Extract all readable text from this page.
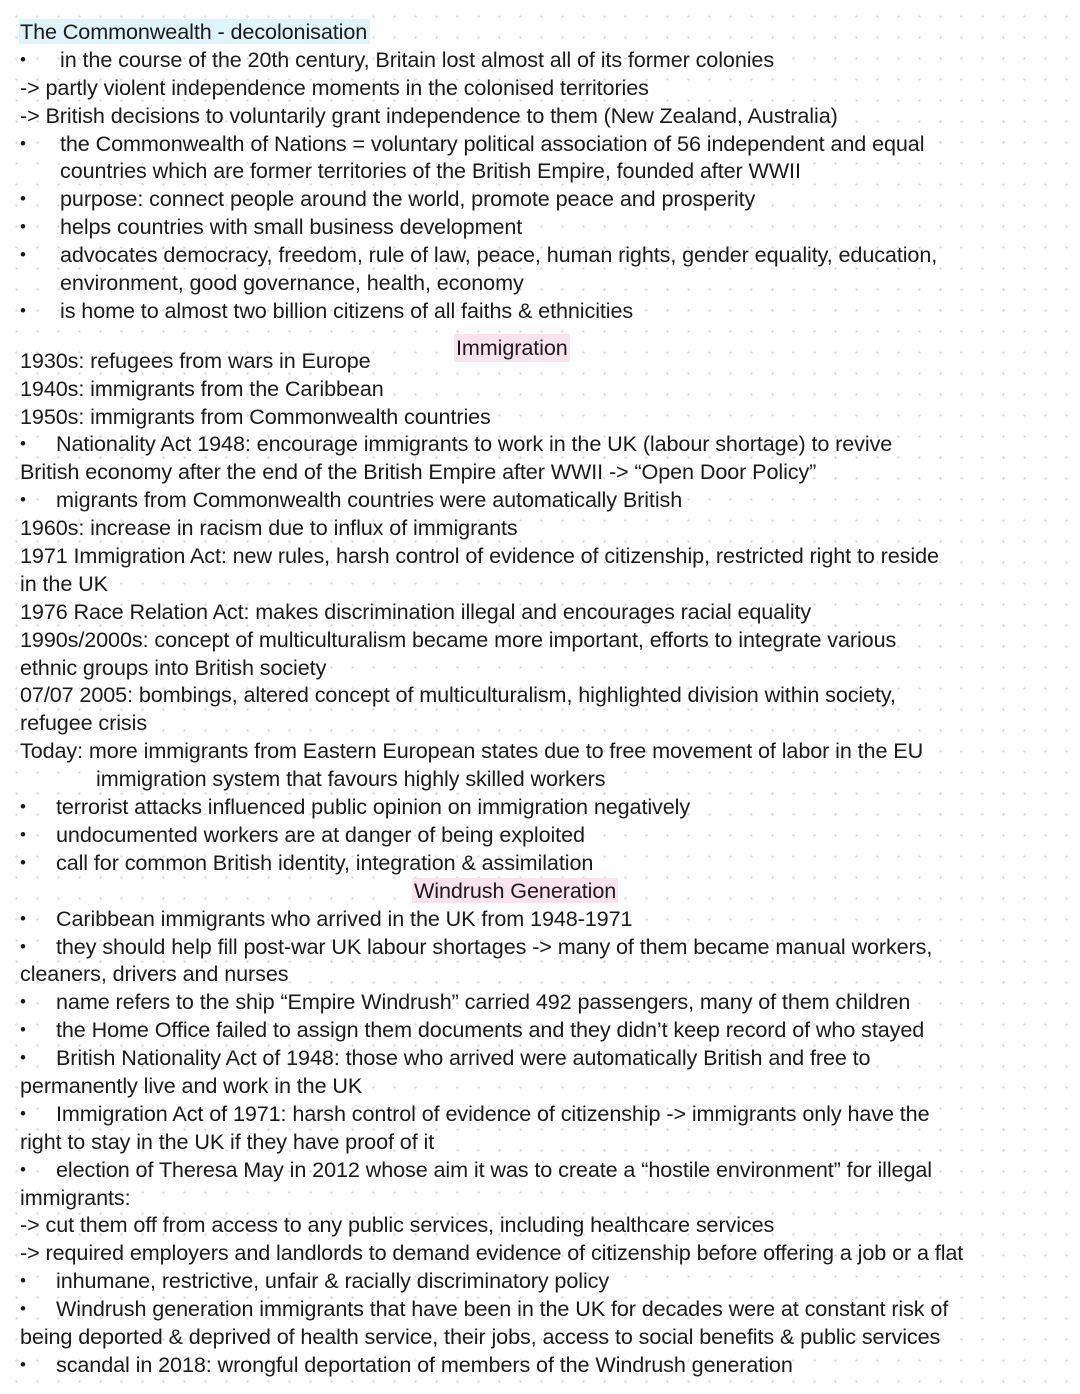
The Commonwealth - decolonisation
• in the course of the 20th century, Britain lost almost all of its former colonies
-> partly violent independence moments in the colonised territories
-> British decisions to voluntarily grant independence to them (New Zealand, Australia)
• the Commonwealth of Nations = voluntary political association of 56 independent and equal
countries which are former territories of the British Empire, founded after WWII
• purpose: connect people around the world, promote peace and prosperity
• helps countries with small business development
• advocates democracy, freedom, rule of law, peace, human rights, gender equality, education,
environment, good governance, health, economy
• is home to almost two billion citizens of all faiths & ethnicities
1930s: refugees from wars in Europe
Immigration
1940s: immigrants from the Caribbean
1950s: immigrants from Commonwealth countries
• Nationality Act 1948: encourage immigrants to work in the UK (labour shortage) to revive
British economy after the end of the British Empire after WWII -> “Open Door Policy”
• migrants from Commonwealth countries were automatically British
1960s: increase in racism due to influx of immigrants
1971 Immigration Act: new rules, harsh control of evidence of citizenship, restricted right to reside
in the UK
1976 Race Relation Act: makes discrimination illegal and encourages racial equality
1990s/2000s: concept of multiculturalism became more important, efforts to integrate various
ethnic groups into British society
07/07 2005: bombings, altered concept of multiculturalism, highlighted division within society,
refugee crisis
Today: more immigrants from Eastern European states due to free movement of labor in the EU
immigration system that favours highly skilled workers
• terrorist attacks influenced public opinion on immigration negatively
• undocumented workers are at danger of being exploited
• call for common British identity, integration & assimilation
Windrush Generation
• Caribbean immigrants who arrived in the UK from 1948-1971
• they should help fill post-war UK labour shortages -> many of them became manual workers,
cleaners, drivers and nurses
• name refers to the ship “Empire Windrush” carried 492 passengers, many of them children
• the Home Office failed to assign them documents and they didn’t keep record of who stayed
• British Nationality Act of 1948: those who arrived were automatically British and free to
permanently live and work in the UK
• Immigration Act of 1971: harsh control of evidence of citizenship -> immigrants only have the
right to stay in the UK if they have proof of it
• election of Theresa May in 2012 whose aim it was to create a “hostile environment” for illegal
immigrants:
-> cut them off from access to any public services, including healthcare services
-> required employers and landlords to demand evidence of citizenship before offering a job or a flat
• inhumane, restrictive, unfair & racially discriminatory policy
• Windrush generation immigrants that have been in the UK for decades were at constant risk of
being deported & deprived of health service, their jobs, access to social benefits & public services
• scandal in 2018: wrongful deportation of members of the Windrush generation
